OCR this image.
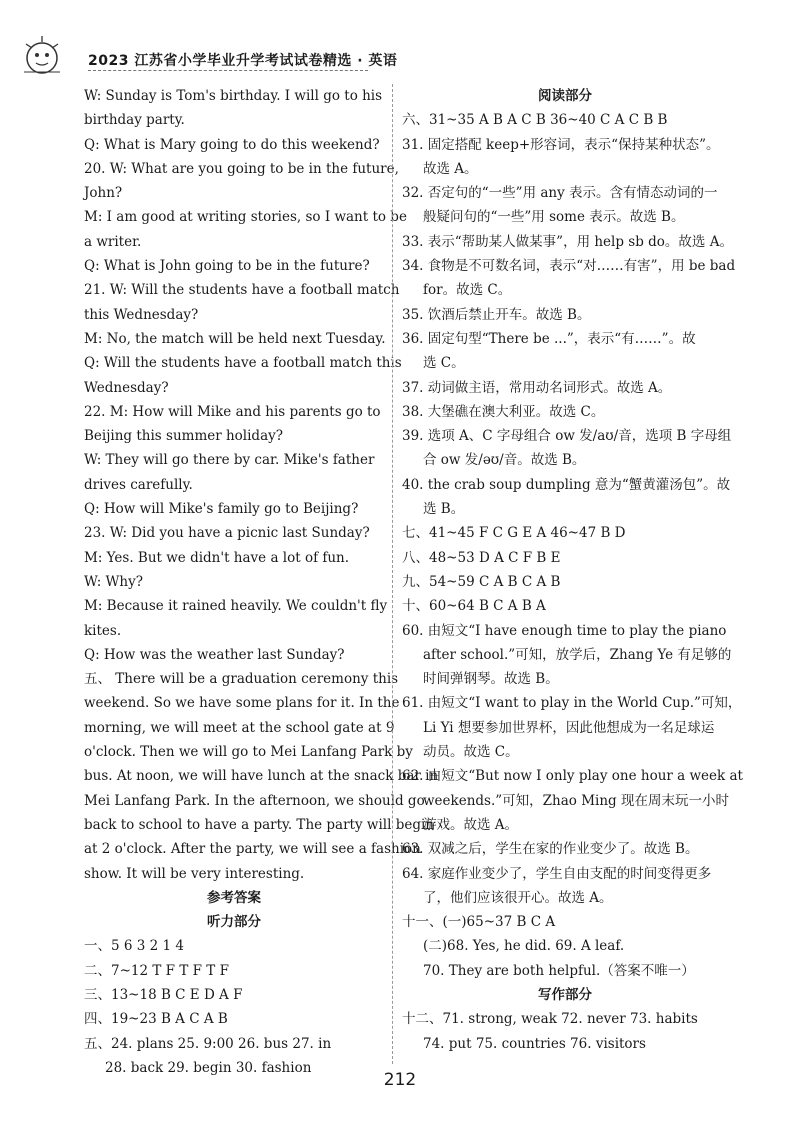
2023 江苏省小学毕业升学考试试卷精选 · 英语
W: Sunday is Tom's birthday. I will go to his
birthday party.
Q: What is Mary going to do this weekend?
20. W: What are you going to be in the future,
John?
M: I am good at writing stories, so I want to be
a writer.
Q: What is John going to be in the future?
21. W: Will the students have a football match
this Wednesday?
M: No, the match will be held next Tuesday.
Q: Will the students have a football match this
Wednesday?
22. M: How will Mike and his parents go to
Beijing this summer holiday?
W: They will go there by car. Mike's father
drives carefully.
Q: How will Mike's family go to Beijing?
23. W: Did you have a picnic last Sunday?
M: Yes. But we didn't have a lot of fun.
W: Why?
M: Because it rained heavily. We couldn't fly
kites.
Q: How was the weather last Sunday?
五、 There will be a graduation ceremony this
weekend. So we have some plans for it. In the
morning, we will meet at the school gate at 9
o'clock. Then we will go to Mei Lanfang Park by
bus. At noon, we will have lunch at the snack bar in
Mei Lanfang Park. In the afternoon, we should go
back to school to have a party. The party will begin
at 2 o'clock. After the party, we will see a fashion
show. It will be very interesting.
参考答案
听力部分
一、5 6 3 2 1 4
二、7~12 T F T F T F
三、13~18 B C E D A F
四、19~23 B A C A B
五、24. plans 25. 9:00 26. bus 27. in
28. back 29. begin 30. fashion
阅读部分
六、31~35 A B A C B 36~40 C A C B B
31. 固定搭配 keep+形容词，表示“保持某种状态”。
故选 A。
32. 否定句的“一些”用 any 表示。含有情态动词的一
般疑问句的“一些”用 some 表示。故选 B。
33. 表示“帮助某人做某事”，用 help sb do。故选 A。
34. 食物是不可数名词，表示“对……有害”，用 be bad
for。故选 C。
35. 饮酒后禁止开车。故选 B。
36. 固定句型“There be ...”，表示“有……”。故
选 C。
37. 动词做主语，常用动名词形式。故选 A。
38. 大堡礁在澳大利亚。故选 C。
39. 选项 A、C 字母组合 ow 发/aʊ/音，选项 B 字母组
合 ow 发/əʊ/音。故选 B。
40. the crab soup dumpling 意为“蟹黄灌汤包”。故
选 B。
七、41~45 F C G E A 46~47 B D
八、48~53 D A C F B E
九、54~59 C A B C A B
十、60~64 B C A B A
60. 由短文“I have enough time to play the piano
after school.”可知，放学后，Zhang Ye 有足够的
时间弹钢琴。故选 B。
61. 由短文“I want to play in the World Cup.”可知，
Li Yi 想要参加世界杯，因此他想成为一名足球运
动员。故选 C。
62. 由短文“But now I only play one hour a week at
weekends.”可知，Zhao Ming 现在周末玩一小时
游戏。故选 A。
63. 双减之后，学生在家的作业变少了。故选 B。
64. 家庭作业变少了，学生自由支配的时间变得更多
了，他们应该很开心。故选 A。
十一、(一)65~37 B C A
(二)68. Yes, he did. 69. A leaf.
70. They are both helpful.（答案不唯一）
写作部分
十二、71. strong, weak 72. never 73. habits
74. put 75. countries 76. visitors
212
